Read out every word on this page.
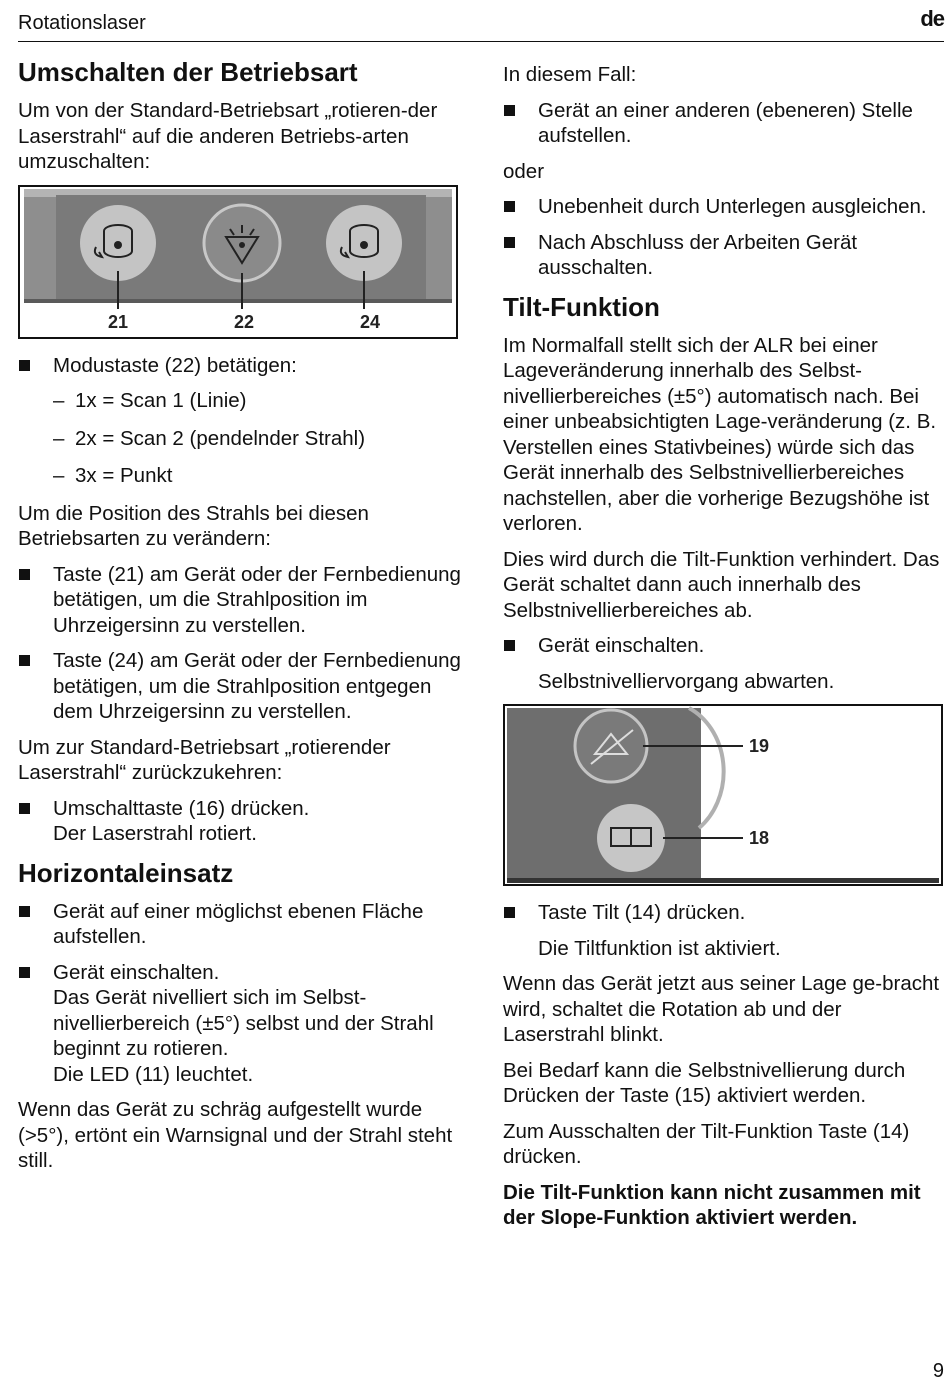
Rotationslaser	de
Umschalten der Betriebsart

Um von der Standard-Betriebsart „rotieren-der Laserstrahl“ auf die anderen Betriebs-arten umzuschalten:

21	22	24
Modustaste (22) betätigen:
– 1x = Scan 1 (Linie)
– 2x = Scan 2 (pendelnder Strahl)
– 3x = Punkt

Um die Position des Strahls bei diesen Betriebsarten zu verändern:

Taste (21) am Gerät oder der Fernbedienung betätigen, um die Strahlposition im Uhrzeigersinn zu verstellen.
Taste (24) am Gerät oder der Fernbedienung betätigen, um die Strahlposition entgegen dem Uhrzeigersinn zu verstellen.

Um zur Standard-Betriebsart „rotierender Laserstrahl“ zurückzukehren:

Umschalttaste (16) drücken.
Der Laserstrahl rotiert.
Horizontaleinsatz
Gerät auf einer möglichst ebenen Fläche aufstellen.
Gerät einschalten.
Das Gerät nivelliert sich im Selbst-nivellierbereich (±5°) selbst und der Strahl beginnt zu rotieren.
Die LED (11) leuchtet.

Wenn das Gerät zu schräg aufgestellt wurde (>5°), ertönt ein Warnsignal und der Strahl steht still.

In diesem Fall:

Gerät an einer anderen (ebeneren) Stelle aufstellen.

oder

Unebenheit durch Unterlegen ausgleichen.
Nach Abschluss der Arbeiten Gerät ausschalten.
Tilt-Funktion

Im Normalfall stellt sich der ALR bei einer Lageveränderung innerhalb des Selbst-nivellierbereiches (±5°) automatisch nach. Bei einer unbeabsichtigten Lage-veränderung (z. B. Verstellen eines Stativbeines) würde sich das Gerät innerhalb des Selbstnivellierbereiches nachstellen, aber die vorherige Bezugshöhe ist verloren.

Dies wird durch die Tilt-Funktion verhindert. Das Gerät schaltet dann auch innerhalb des Selbstnivellierbereiches ab.

Gerät einschalten.
Selbstnivelliervorgang abwarten.
19
18
Taste Tilt (14) drücken.
Die Tiltfunktion ist aktiviert.

Wenn das Gerät jetzt aus seiner Lage ge-bracht wird, schaltet die Rotation ab und der Laserstrahl blinkt.

Bei Bedarf kann die Selbstnivellierung durch Drücken der Taste (15) aktiviert werden.

Zum Ausschalten der Tilt-Funktion Taste (14) drücken.

Die Tilt-Funktion kann nicht zusammen mit der Slope-Funktion aktiviert werden.

9
